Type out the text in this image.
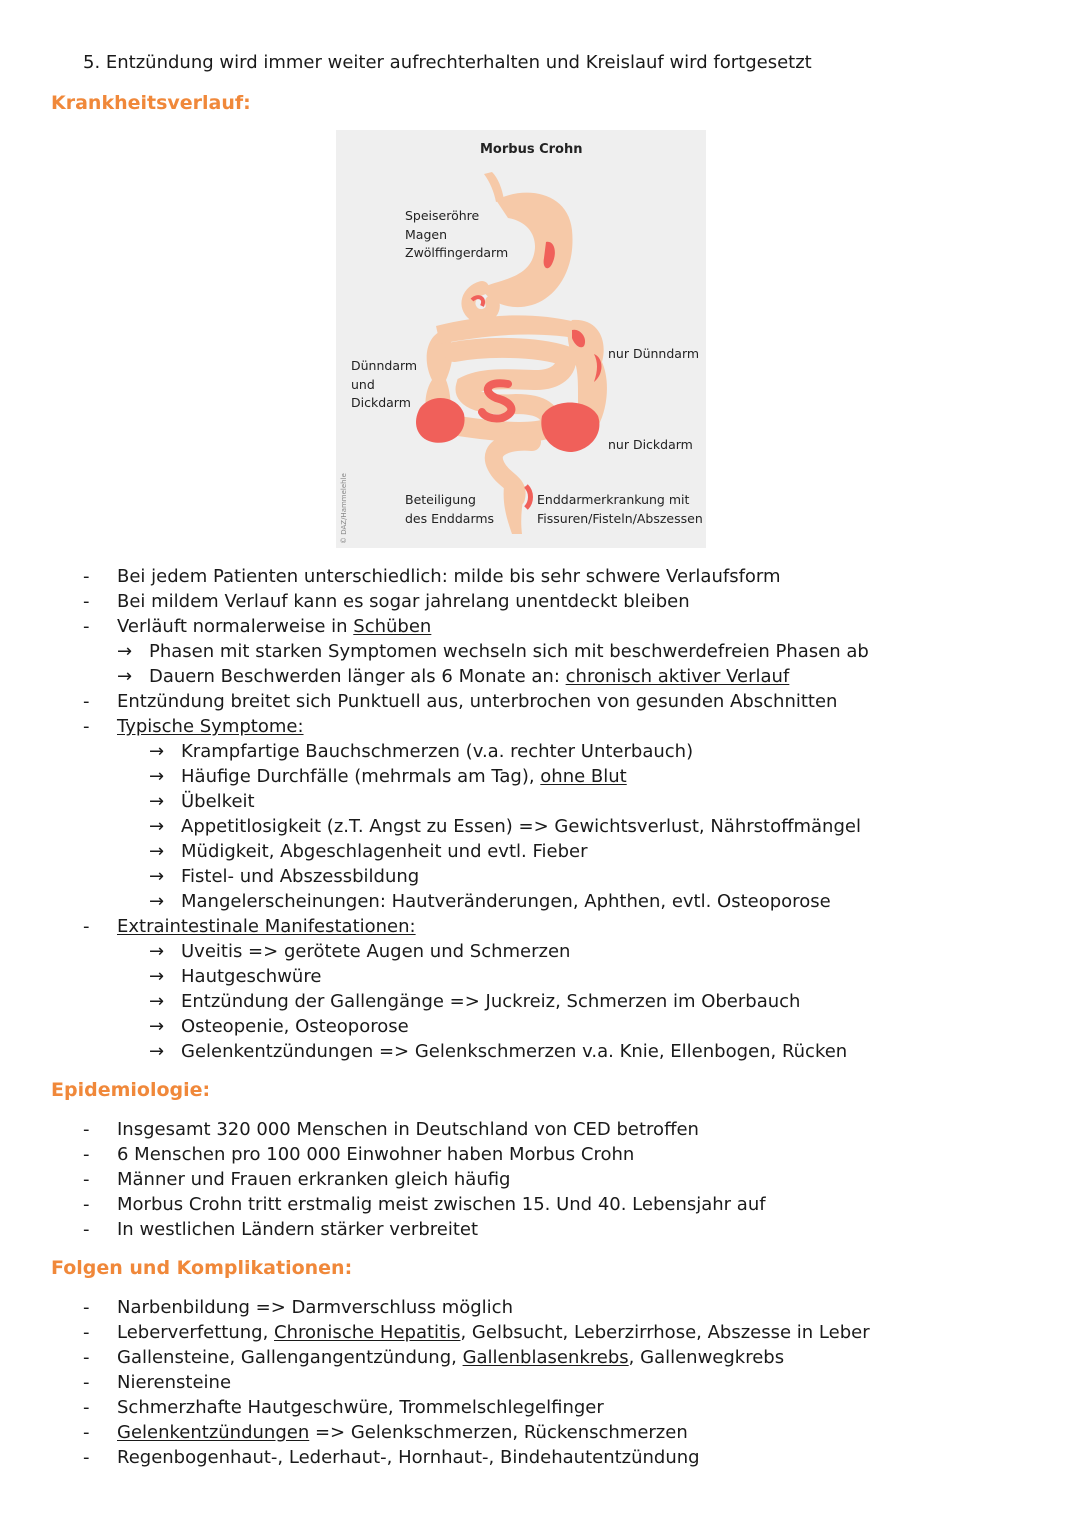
5. Entzündung wird immer weiter aufrechterhalten und Kreislauf wird fortgesetzt
Krankheitsverlauf:
Morbus Crohn
Speiseröhre
Magen
Zwölffingerdarm
Dünndarm
und
Dickdarm
nur Dünndarm
nur Dickdarm
Beteiligung
des Enddarms
Enddarmerkrankung mit
Fissuren/Fisteln/Abszessen
© DAZ/Hammelehle
- Bei jedem Patienten unterschiedlich: milde bis sehr schwere Verlaufsform
- Bei mildem Verlauf kann es sogar jahrelang unentdeckt bleiben
- Verläuft normalerweise in Schüben
→ Phasen mit starken Symptomen wechseln sich mit beschwerdefreien Phasen ab
→ Dauern Beschwerden länger als 6 Monate an: chronisch aktiver Verlauf
- Entzündung breitet sich Punktuell aus, unterbrochen von gesunden Abschnitten
- Typische Symptome:
→ Krampfartige Bauchschmerzen (v.a. rechter Unterbauch)
→ Häufige Durchfälle (mehrmals am Tag), ohne Blut
→ Übelkeit
→ Appetitlosigkeit (z.T. Angst zu Essen) => Gewichtsverlust, Nährstoffmängel
→ Müdigkeit, Abgeschlagenheit und evtl. Fieber
→ Fistel- und Abszessbildung
→ Mangelerscheinungen: Hautveränderungen, Aphthen, evtl. Osteoporose
- Extraintestinale Manifestationen:
→ Uveitis => gerötete Augen und Schmerzen
→ Hautgeschwüre
→ Entzündung der Gallengänge => Juckreiz, Schmerzen im Oberbauch
→ Osteopenie, Osteoporose
→ Gelenkentzündungen => Gelenkschmerzen v.a. Knie, Ellenbogen, Rücken
Epidemiologie:
- Insgesamt 320 000 Menschen in Deutschland von CED betroffen
- 6 Menschen pro 100 000 Einwohner haben Morbus Crohn
- Männer und Frauen erkranken gleich häufig
- Morbus Crohn tritt erstmalig meist zwischen 15. Und 40. Lebensjahr auf
- In westlichen Ländern stärker verbreitet
Folgen und Komplikationen:
- Narbenbildung => Darmverschluss möglich
- Leberverfettung, Chronische Hepatitis, Gelbsucht, Leberzirrhose, Abszesse in Leber
- Gallensteine, Gallengangentzündung, Gallenblasenkrebs, Gallenwegkrebs
- Nierensteine
- Schmerzhafte Hautgeschwüre, Trommelschlegelfinger
- Gelenkentzündungen => Gelenkschmerzen, Rückenschmerzen
- Regenbogenhaut-, Lederhaut-, Hornhaut-, Bindehautentzündung
